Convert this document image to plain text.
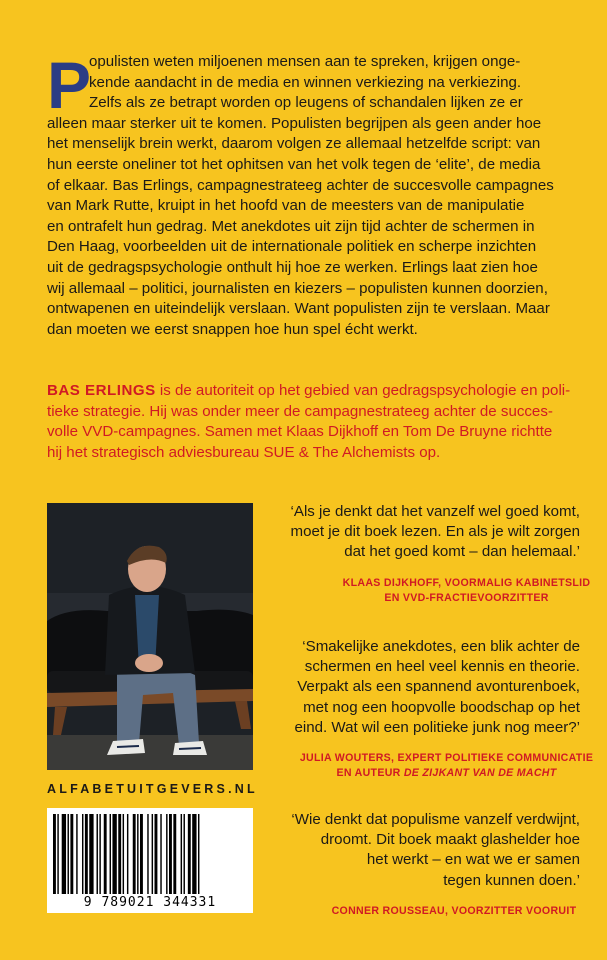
P
opulisten weten miljoenen mensen aan te spreken, krijgen onge-
kende aandacht in de media en winnen verkiezing na verkiezing.
Zelfs als ze betrapt worden op leugens of schandalen lijken ze er
alleen maar sterker uit te komen. Populisten begrijpen als geen ander hoe
het menselijk brein werkt, daarom volgen ze allemaal hetzelfde script: van
hun eerste oneliner tot het ophitsen van het volk tegen de ‘elite’, de media
of elkaar. Bas Erlings, campagnestrateeg achter de succesvolle campagnes
van Mark Rutte, kruipt in het hoofd van de meesters van de manipulatie
en ontrafelt hun gedrag. Met anekdotes uit zijn tijd achter de schermen in
Den Haag, voorbeelden uit de internationale politiek en scherpe inzichten
uit de gedragspsychologie onthult hij hoe ze werken. Erlings laat zien hoe
wij allemaal – politici, journalisten en kiezers – populisten kunnen doorzien,
ontwapenen en uiteindelijk verslaan. Want populisten zijn te verslaan. Maar
dan moeten we eerst snappen hoe hun spel écht werkt.
BAS ERLINGS is de autoriteit op het gebied van gedragspsychologie en poli-
tieke strategie. Hij was onder meer de campagnestrateeg achter de succes-
volle VVD-campagnes. Samen met Klaas Dijkhoff en Tom De Bruyne richtte
hij het strategisch adviesbureau SUE & The Alchemists op.
ALFABETUITGEVERS.NL
9 789021 344331
‘Als je denkt dat het vanzelf wel goed komt,
moet je dit boek lezen. En als je wilt zorgen
dat het goed komt – dan helemaal.’
KLAAS DIJKHOFF, VOORMALIG KABINETSLID
EN VVD-FRACTIEVOORZITTER
‘Smakelijke anekdotes, een blik achter de
schermen en heel veel kennis en theorie.
Verpakt als een spannend avonturenboek,
met nog een hoopvolle boodschap op het
eind. Wat wil een politieke junk nog meer?’
JULIA WOUTERS, EXPERT POLITIEKE COMMUNICATIE
EN AUTEUR DE ZIJKANT VAN DE MACHT
‘Wie denkt dat populisme vanzelf verdwijnt,
droomt. Dit boek maakt glashelder hoe
het werkt – en wat we er samen
tegen kunnen doen.’
CONNER ROUSSEAU, VOORZITTER VOORUIT
